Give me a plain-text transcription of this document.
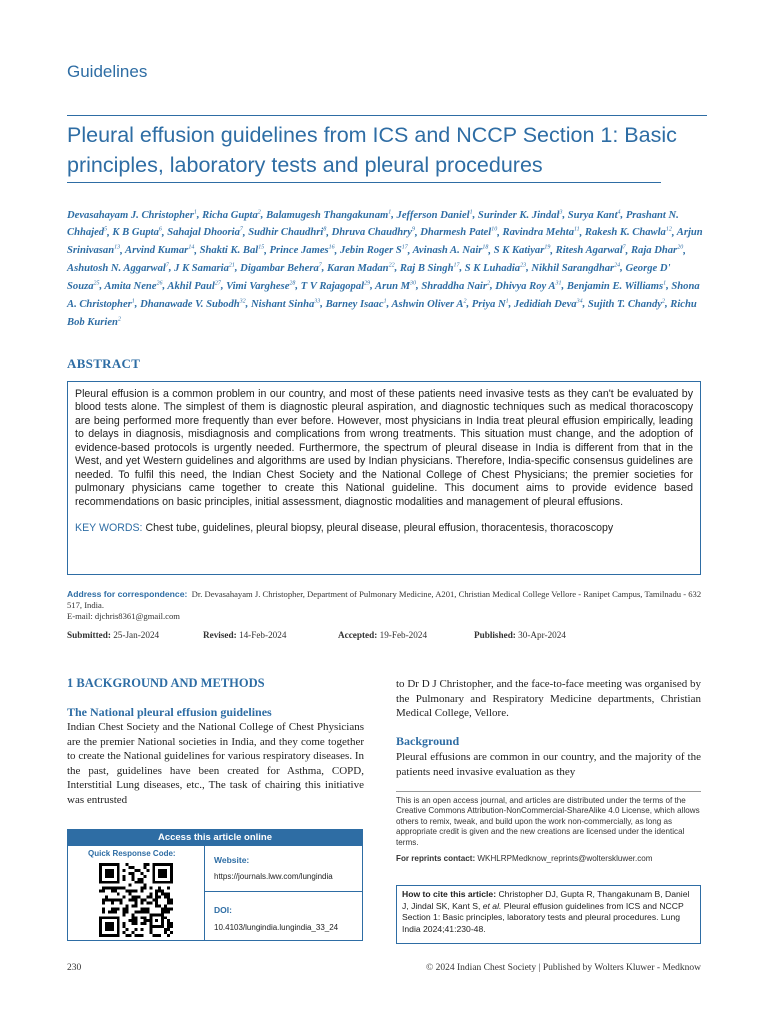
Guidelines
Pleural effusion guidelines from ICS and NCCP Section 1: Basic principles, laboratory tests and pleural procedures
Devasahayam J. Christopher$^1$, Richa Gupta$^2$, Balamugesh Thangakunam$^1$, Jefferson Daniel$^1$, Surinder K. Jindal$^3$, Surya Kant$^4$, Prashant N. Chhajed$^5$, K B Gupta$^6$, Sahajal Dhooria$^7$, Sudhir Chaudhri$^8$, Dhruva Chaudhry$^9$, Dharmesh Patel$^{10}$, Ravindra Mehta$^{11}$, Rakesh K. Chawla$^{12}$, Arjun Srinivasan$^{13}$, Arvind Kumar$^{14}$, Shakti K. Bal$^{15}$, Prince James$^{16}$, Jebin Roger $S^{17}$, Avinash A. Nair$^{18}$, S K Katiyar$^{19}$, Ritesh Agarwal$^7$, Raja Dhar$^{20}$, Ashutosh N. Aggarwal$^7$, J K Samaria$^{21}$, Digambar Behera$^7$, Karan Madan$^{22}$, Raj B Singh$^{17}$, S K Luhadia$^{23}$, Nikhil Sarangdhar$^{24}$, George D' Souza$^{25}$, Amita Nene$^{26}$, Akhil Paul$^{27}$, Vimi Varghese$^{28}$, T V Rajagopal$^{29}$, Arun $M^{30}$, Shraddha Nair$^2$, Dhivya Roy $A^{31}$, Benjamin E. Williams$^1$, Shona A. Christopher$^1$, Dhanawade V. Subodh$^{32}$, Nishant Sinha$^{33}$, Barney Isaac$^1$, Ashwin Oliver $A^2$, Priya $N^1$, Jedidiah Deva$^{34}$, Sujith T. Chandy$^2$, Richu Bob Kurien$^2$
ABSTRACT

Pleural effusion is a common problem in our country, and most of these patients need invasive tests as they can't be evaluated by blood tests alone. The simplest of them is diagnostic pleural aspiration, and diagnostic techniques such as medical thoracoscopy are being performed more frequently than ever before. However, most physicians in India treat pleural effusion empirically, leading to delays in diagnosis, misdiagnosis and complications from wrong treatments. This situation must change, and the adoption of evidence-based protocols is urgently needed. Furthermore, the spectrum of pleural disease in India is different from that in the West, and yet Western guidelines and algorithms are used by Indian physicians. Therefore, India-specific consensus guidelines are needed. To fulfil this need, the Indian Chest Society and the National College of Chest Physicians; the premier societies for pulmonary physicians came together to create this National guideline. This document aims to provide evidence based recommendations on basic principles, initial assessment, diagnostic modalities and management of pleural effusions.

KEY WORDS: Chest tube, guidelines, pleural biopsy, pleural disease, pleural effusion, thoracentesis, thoracoscopy

Address for correspondence: Dr. Devasahayam J. Christopher, Department of Pulmonary Medicine, A201, Christian Medical College Vellore - Ranipet Campus, Tamilnadu - 632 517, India.
E-mail: djchris8361@gmail.com
Submitted: 25-Jan-2024	Revised: 14-Feb-2024	Accepted: 19-Feb-2024	Published: 30-Apr-2024
1 BACKGROUND AND METHODS
The National pleural effusion guidelines
Indian Chest Society and the National College of Chest Physicians are the premier National societies in India, and they come together to create the National guidelines for various respiratory diseases. In the past, guidelines have been created for Asthma, COPD, Interstitial Lung diseases, etc., The task of chairing this initiative was entrusted
to Dr D J Christopher, and the face-to-face meeting was organised by the Pulmonary and Respiratory Medicine departments, Christian Medical College, Vellore.
Background
Pleural effusions are common in our country, and the majority of the patients need invasive evaluation as they
This is an open access journal, and articles are distributed under the terms of the Creative Commons Attribution-NonCommercial-ShareAlike 4.0 License, which allows others to remix, tweak, and build upon the work non-commercially, as long as appropriate credit is given and the new creations are licensed under the identical terms.
For reprints contact: WKHLRPMedknow_reprints@wolterskluwer.com
How to cite this article: Christopher DJ, Gupta R, Thangakunam B, Daniel J, Jindal SK, Kant S, et al. Pleural effusion guidelines from ICS and NCCP Section 1: Basic principles, laboratory tests and pleural procedures. Lung India 2024;41:230-48.
Access this article online
Quick Response Code:
Website:
https://journals.lww.com/lungindia
DOI:
10.4103/lungindia.lungindia_33_24
230	© 2024 Indian Chest Society | Published by Wolters Kluwer - Medknow
